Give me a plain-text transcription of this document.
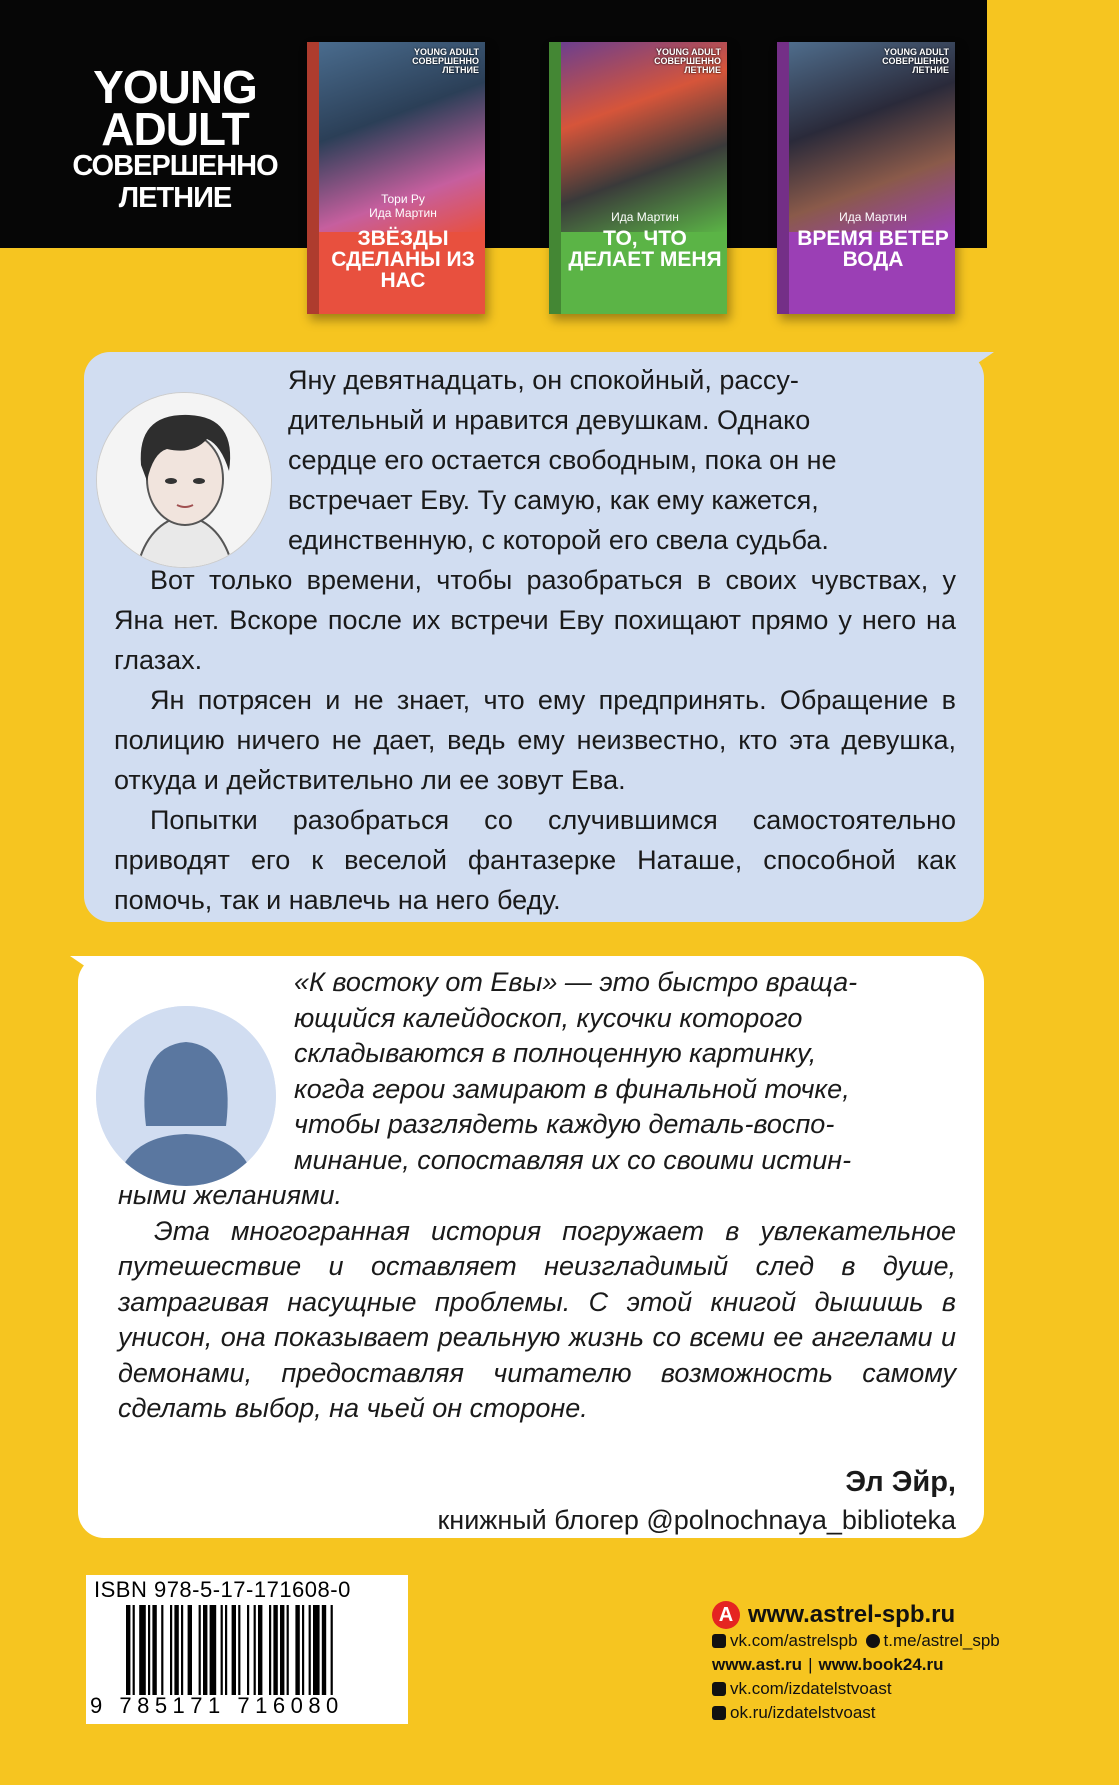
YOUNG
ADULT
СОВЕРШЕННО
ЛЕТНИЕ
YOUNG ADULT
СОВЕРШЕННО
ЛЕТНИЕ
Тори Ру
Ида Мартин
ЗВЁЗДЫ СДЕЛАНЫ ИЗ НАС
YOUNG ADULT
СОВЕРШЕННО
ЛЕТНИЕ
Ида Мартин
ТО, ЧТО ДЕЛАЕТ МЕНЯ
YOUNG ADULT
СОВЕРШЕННО
ЛЕТНИЕ
Ида Мартин
ВРЕМЯ ВЕТЕР ВОДА
Яну девятнадцать, он спокойный, рассу-
дительный и нравится девушкам. Однако
сердце его остается свободным, пока он не
встречает Еву. Ту самую, как ему кажется,
единственную, с которой его свела судьба.
Вот только времени, чтобы разобраться в своих чувствах, у Яна нет. Вскоре после их встречи Еву похищают прямо у него на глазах.
Ян потрясен и не знает, что ему предпринять. Обращение в полицию ничего не дает, ведь ему неизвестно, кто эта девушка, откуда и действительно ли ее зовут Ева.
Попытки разобраться со случившимся самостоятельно приводят его к веселой фантазерке Наташе, способной как помочь, так и навлечь на него беду.
«К востоку от Евы» — это быстро враща-
ющийся калейдоскоп, кусочки которого
складываются в полноценную картинку,
когда герои замирают в финальной точке,
чтобы разглядеть каждую деталь-воспо-
минание, сопоставляя их со своими истин-
ными желаниями.
Эта многогранная история погружает в увлекательное путешествие и оставляет неизгладимый след в душе, затрагивая насущные проблемы. С этой книгой дышишь в унисон, она показывает реальную жизнь со всеми ее ангелами и демонами, предоставляя читателю возможность самому сделать выбор, на чьей он стороне.
Эл Эйр,
книжный блогер @polnochnaya_biblioteka
ISBN 978-5-17-171608-0
9 785171 716080
A www.astrel-spb.ru
vk.com/astrelspb t.me/astrel_spb
www.ast.ru | www.book24.ru
vk.com/izdatelstvoast
ok.ru/izdatelstvoast
